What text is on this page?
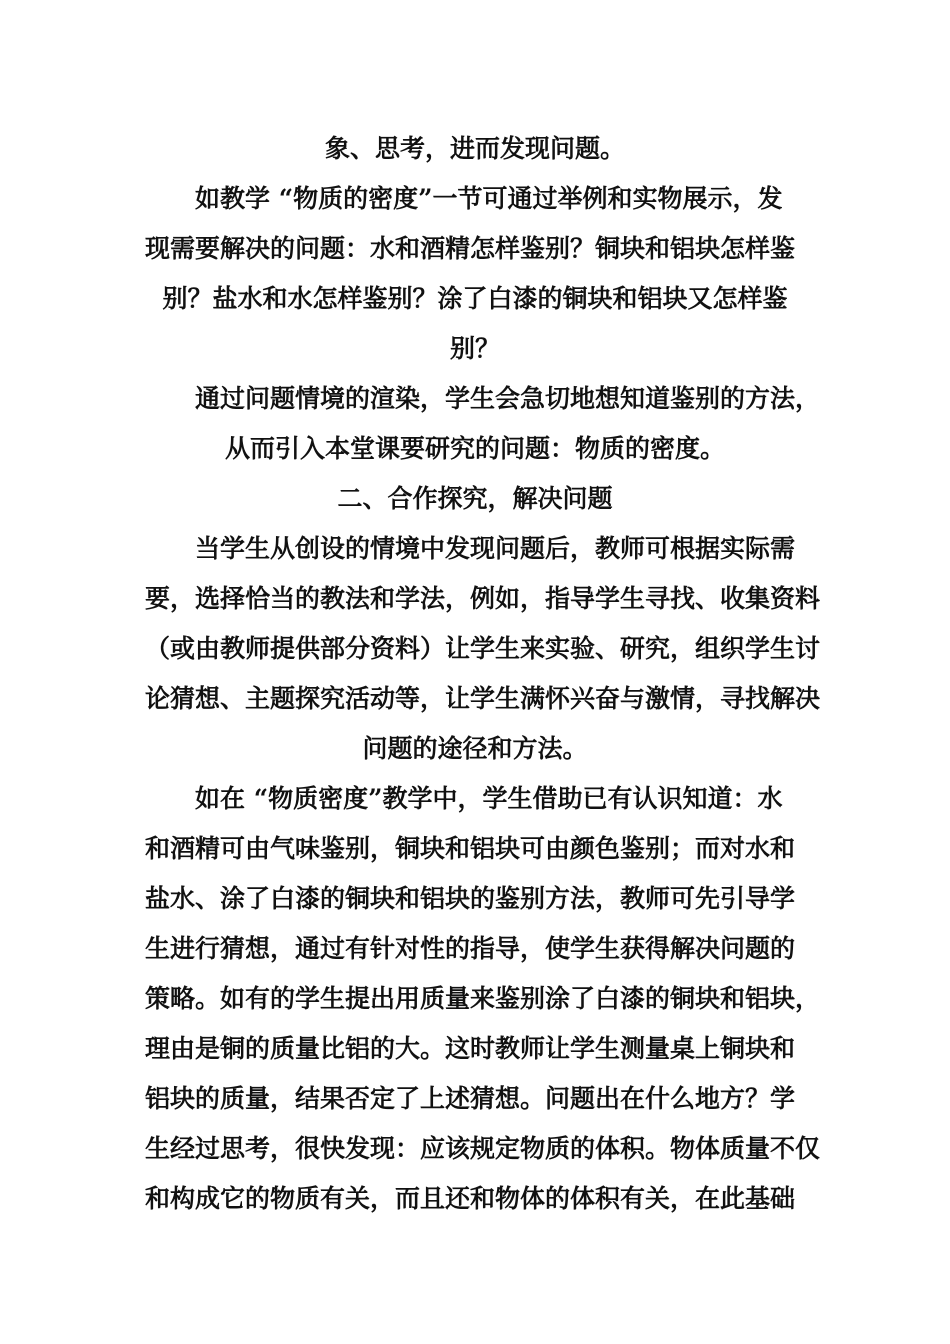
象、思考，进而发现问题。
如教学 “物质的密度”一节可通过举例和实物展示，发
现需要解决的问题：水和酒精怎样鉴别？铜块和铝块怎样鉴
别？盐水和水怎样鉴别？涂了白漆的铜块和铝块又怎样鉴
别？
通过问题情境的渲染，学生会急切地想知道鉴别的方法，
从而引入本堂课要研究的问题：物质的密度。
二、合作探究，解决问题
当学生从创设的情境中发现问题后，教师可根据实际需
要，选择恰当的教法和学法，例如，指导学生寻找、收集资料
（或由教师提供部分资料）让学生来实验、研究，组织学生讨
论猜想、主题探究活动等，让学生满怀兴奋与激情，寻找解决
问题的途径和方法。
如在 “物质密度”教学中，学生借助已有认识知道：水
和酒精可由气味鉴别，铜块和铝块可由颜色鉴别；而对水和
盐水、涂了白漆的铜块和铝块的鉴别方法，教师可先引导学
生进行猜想，通过有针对性的指导，使学生获得解决问题的
策略。如有的学生提出用质量来鉴别涂了白漆的铜块和铝块，
理由是铜的质量比铝的大。这时教师让学生测量桌上铜块和
铝块的质量，结果否定了上述猜想。问题出在什么地方？学
生经过思考，很快发现：应该规定物质的体积。物体质量不仅
和构成它的物质有关，而且还和物体的体积有关，在此基础
